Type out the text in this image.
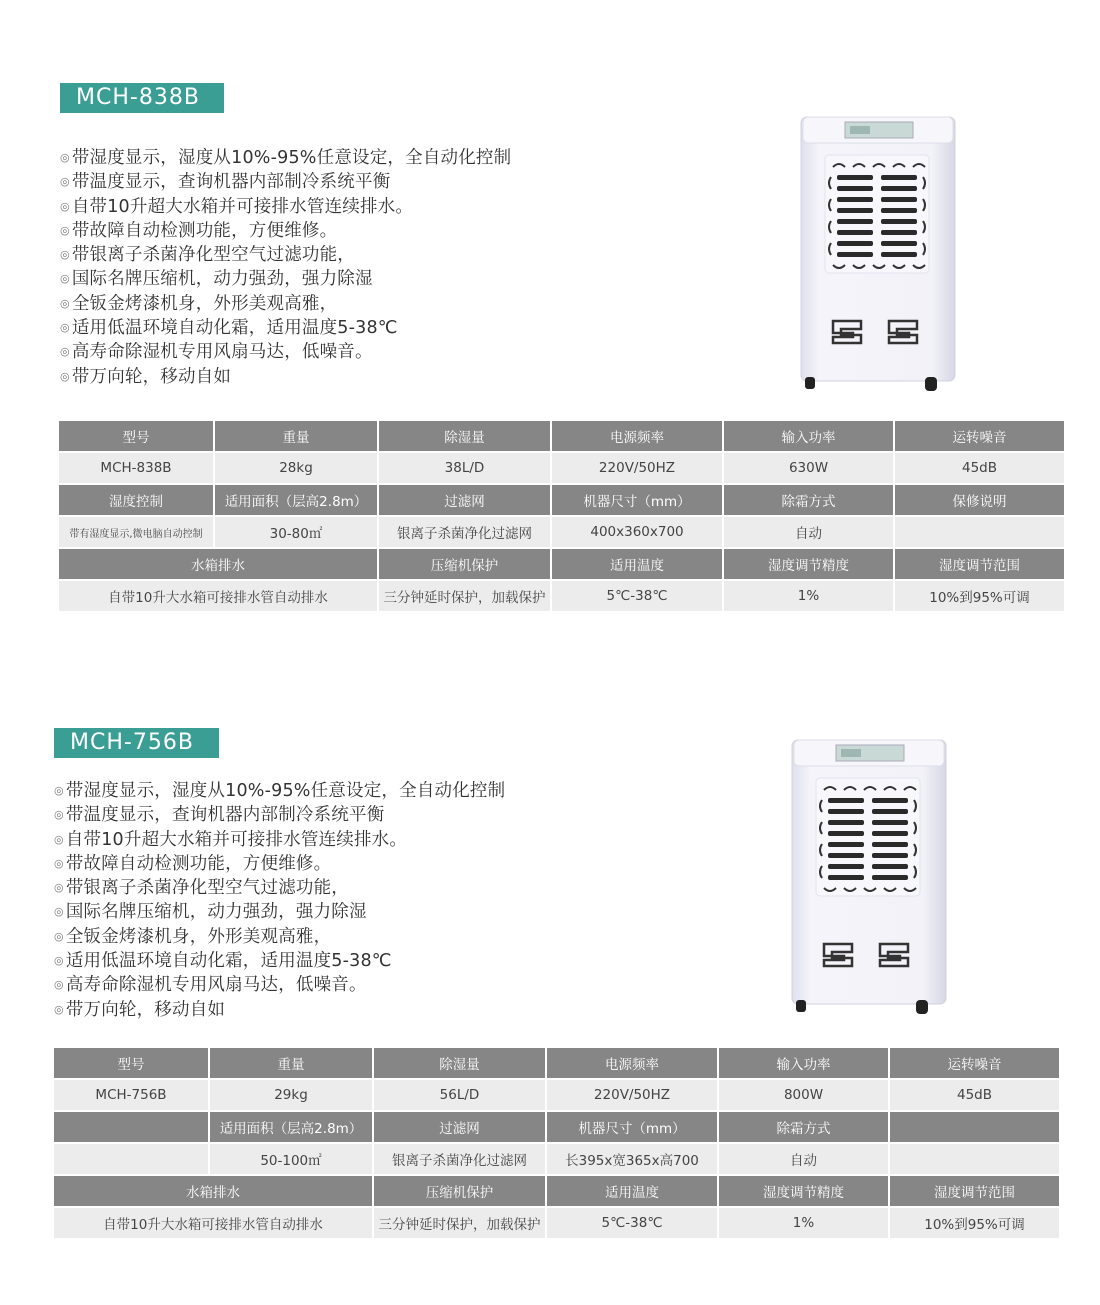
MCH-838B
◎ 带湿度显示，湿度从10%-95%任意设定，全自动化控制
◎ 带温度显示，查询机器内部制冷系统平衡
◎ 自带10升超大水箱并可接排水管连续排水。
◎ 带故障自动检测功能，方便维修。
◎ 带银离子杀菌净化型空气过滤功能，
◎ 国际名牌压缩机，动力强劲，强力除湿
◎ 全钣金烤漆机身，外形美观高雅，
◎ 适用低温环境自动化霜，适用温度5-38℃
◎ 高寿命除湿机专用风扇马达，低噪音。
◎ 带万向轮，移动自如
型号	重量	除湿量	电源频率	输入功率	运转噪音
MCH-838B	28kg	38L/D	220V/50HZ	630W	45dB
湿度控制	适用面积（层高2.8m）	过滤网	机器尺寸（mm）	除霜方式	保修说明
带有湿度显示,微电脑自动控制	30-80㎡	银离子杀菌净化过滤网	400x360x700	自动	
水箱排水		压缩机保护	适用温度	湿度调节精度	湿度调节范围
自带10升大水箱可接排水管自动排水		三分钟延时保护，加载保护	5℃-38℃	1%	10%到95%可调
MCH-756B
◎ 带湿度显示，湿度从10%-95%任意设定，全自动化控制
◎ 带温度显示，查询机器内部制冷系统平衡
◎ 自带10升超大水箱并可接排水管连续排水。
◎ 带故障自动检测功能，方便维修。
◎ 带银离子杀菌净化型空气过滤功能，
◎ 国际名牌压缩机，动力强劲，强力除湿
◎ 全钣金烤漆机身，外形美观高雅，
◎ 适用低温环境自动化霜，适用温度5-38℃
◎ 高寿命除湿机专用风扇马达，低噪音。
◎ 带万向轮，移动自如
型号	重量	除湿量	电源频率	输入功率	运转噪音
MCH-756B	29kg	56L/D	220V/50HZ	800W	45dB
	适用面积（层高2.8m）	过滤网	机器尺寸（mm）	除霜方式	
	50-100㎡	银离子杀菌净化过滤网	长395x宽365x高700	自动	
水箱排水		压缩机保护	适用温度	湿度调节精度	湿度调节范围
自带10升大水箱可接排水管自动排水		三分钟延时保护，加载保护	5℃-38℃	1%	10%到95%可调
